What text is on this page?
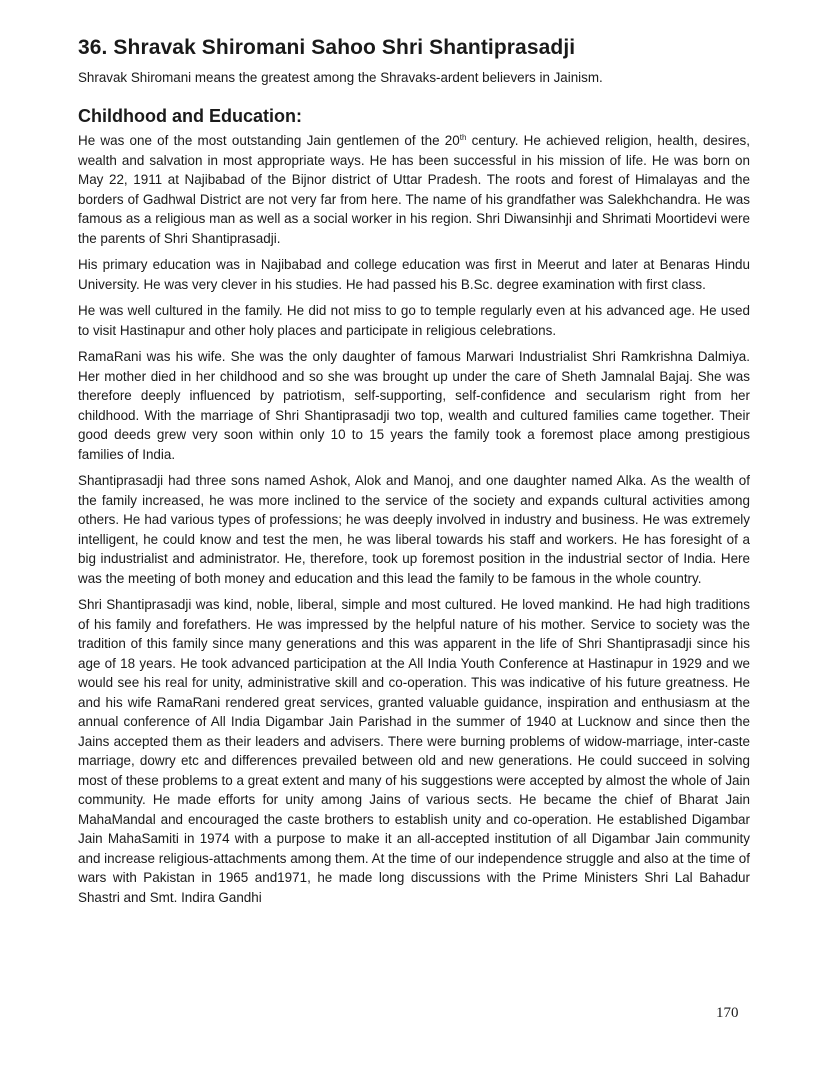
36. Shravak Shiromani Sahoo Shri Shantiprasadji

Shravak Shiromani means the greatest among the Shravaks-ardent believers in Jainism.

Childhood and Education:

He was one of the most outstanding Jain gentlemen of the 20th century. He achieved religion, health, desires, wealth and salvation in most appropriate ways. He has been successful in his mission of life. He was born on May 22, 1911 at Najibabad of the Bijnor district of Uttar Pradesh. The roots and forest of Himalayas and the borders of Gadhwal District are not very far from here. The name of his grandfather was Salekhchandra. He was famous as a religious man as well as a social worker in his region. Shri Diwansinhji and Shrimati Moortidevi were the parents of Shri Shantiprasadji.

His primary education was in Najibabad and college education was first in Meerut and later at Benaras Hindu University. He was very clever in his studies. He had passed his B.Sc. degree examination with first class.

He was well cultured in the family. He did not miss to go to temple regularly even at his advanced age. He used to visit Hastinapur and other holy places and participate in religious celebrations.

RamaRani was his wife. She was the only daughter of famous Marwari Industrialist Shri Ramkrishna Dalmiya. Her mother died in her childhood and so she was brought up under the care of Sheth Jamnalal Bajaj. She was therefore deeply influenced by patriotism, self-supporting, self-confidence and secularism right from her childhood. With the marriage of Shri Shantiprasadji two top, wealth and cultured families came together. Their good deeds grew very soon within only 10 to 15 years the family took a foremost place among prestigious families of India.

Shantiprasadji had three sons named Ashok, Alok and Manoj, and one daughter named Alka. As the wealth of the family increased, he was more inclined to the service of the society and expands cultural activities among others. He had various types of professions; he was deeply involved in industry and business. He was extremely intelligent, he could know and test the men, he was liberal towards his staff and workers. He has foresight of a big industrialist and administrator. He, therefore, took up foremost position in the industrial sector of India. Here was the meeting of both money and education and this lead the family to be famous in the whole country.

Shri Shantiprasadji was kind, noble, liberal, simple and most cultured. He loved mankind. He had high traditions of his family and forefathers. He was impressed by the helpful nature of his mother. Service to society was the tradition of this family since many generations and this was apparent in the life of Shri Shantiprasadji since his age of 18 years. He took advanced participation at the All India Youth Conference at Hastinapur in 1929 and we would see his real for unity, administrative skill and co-operation. This was indicative of his future greatness. He and his wife RamaRani rendered great services, granted valuable guidance, inspiration and enthusiasm at the annual conference of All India Digambar Jain Parishad in the summer of 1940 at Lucknow and since then the Jains accepted them as their leaders and advisers. There were burning problems of widow-marriage, inter-caste marriage, dowry etc and differences prevailed between old and new generations. He could succeed in solving most of these problems to a great extent and many of his suggestions were accepted by almost the whole of Jain community. He made efforts for unity among Jains of various sects. He became the chief of Bharat Jain MahaMandal and encouraged the caste brothers to establish unity and co-operation. He established Digambar Jain MahaSamiti in 1974 with a purpose to make it an all-accepted institution of all Digambar Jain community and increase religious-attachments among them. At the time of our independence struggle and also at the time of wars with Pakistan in 1965 and1971, he made long discussions with the Prime Ministers Shri Lal Bahadur Shastri and Smt. Indira Gandhi

170
